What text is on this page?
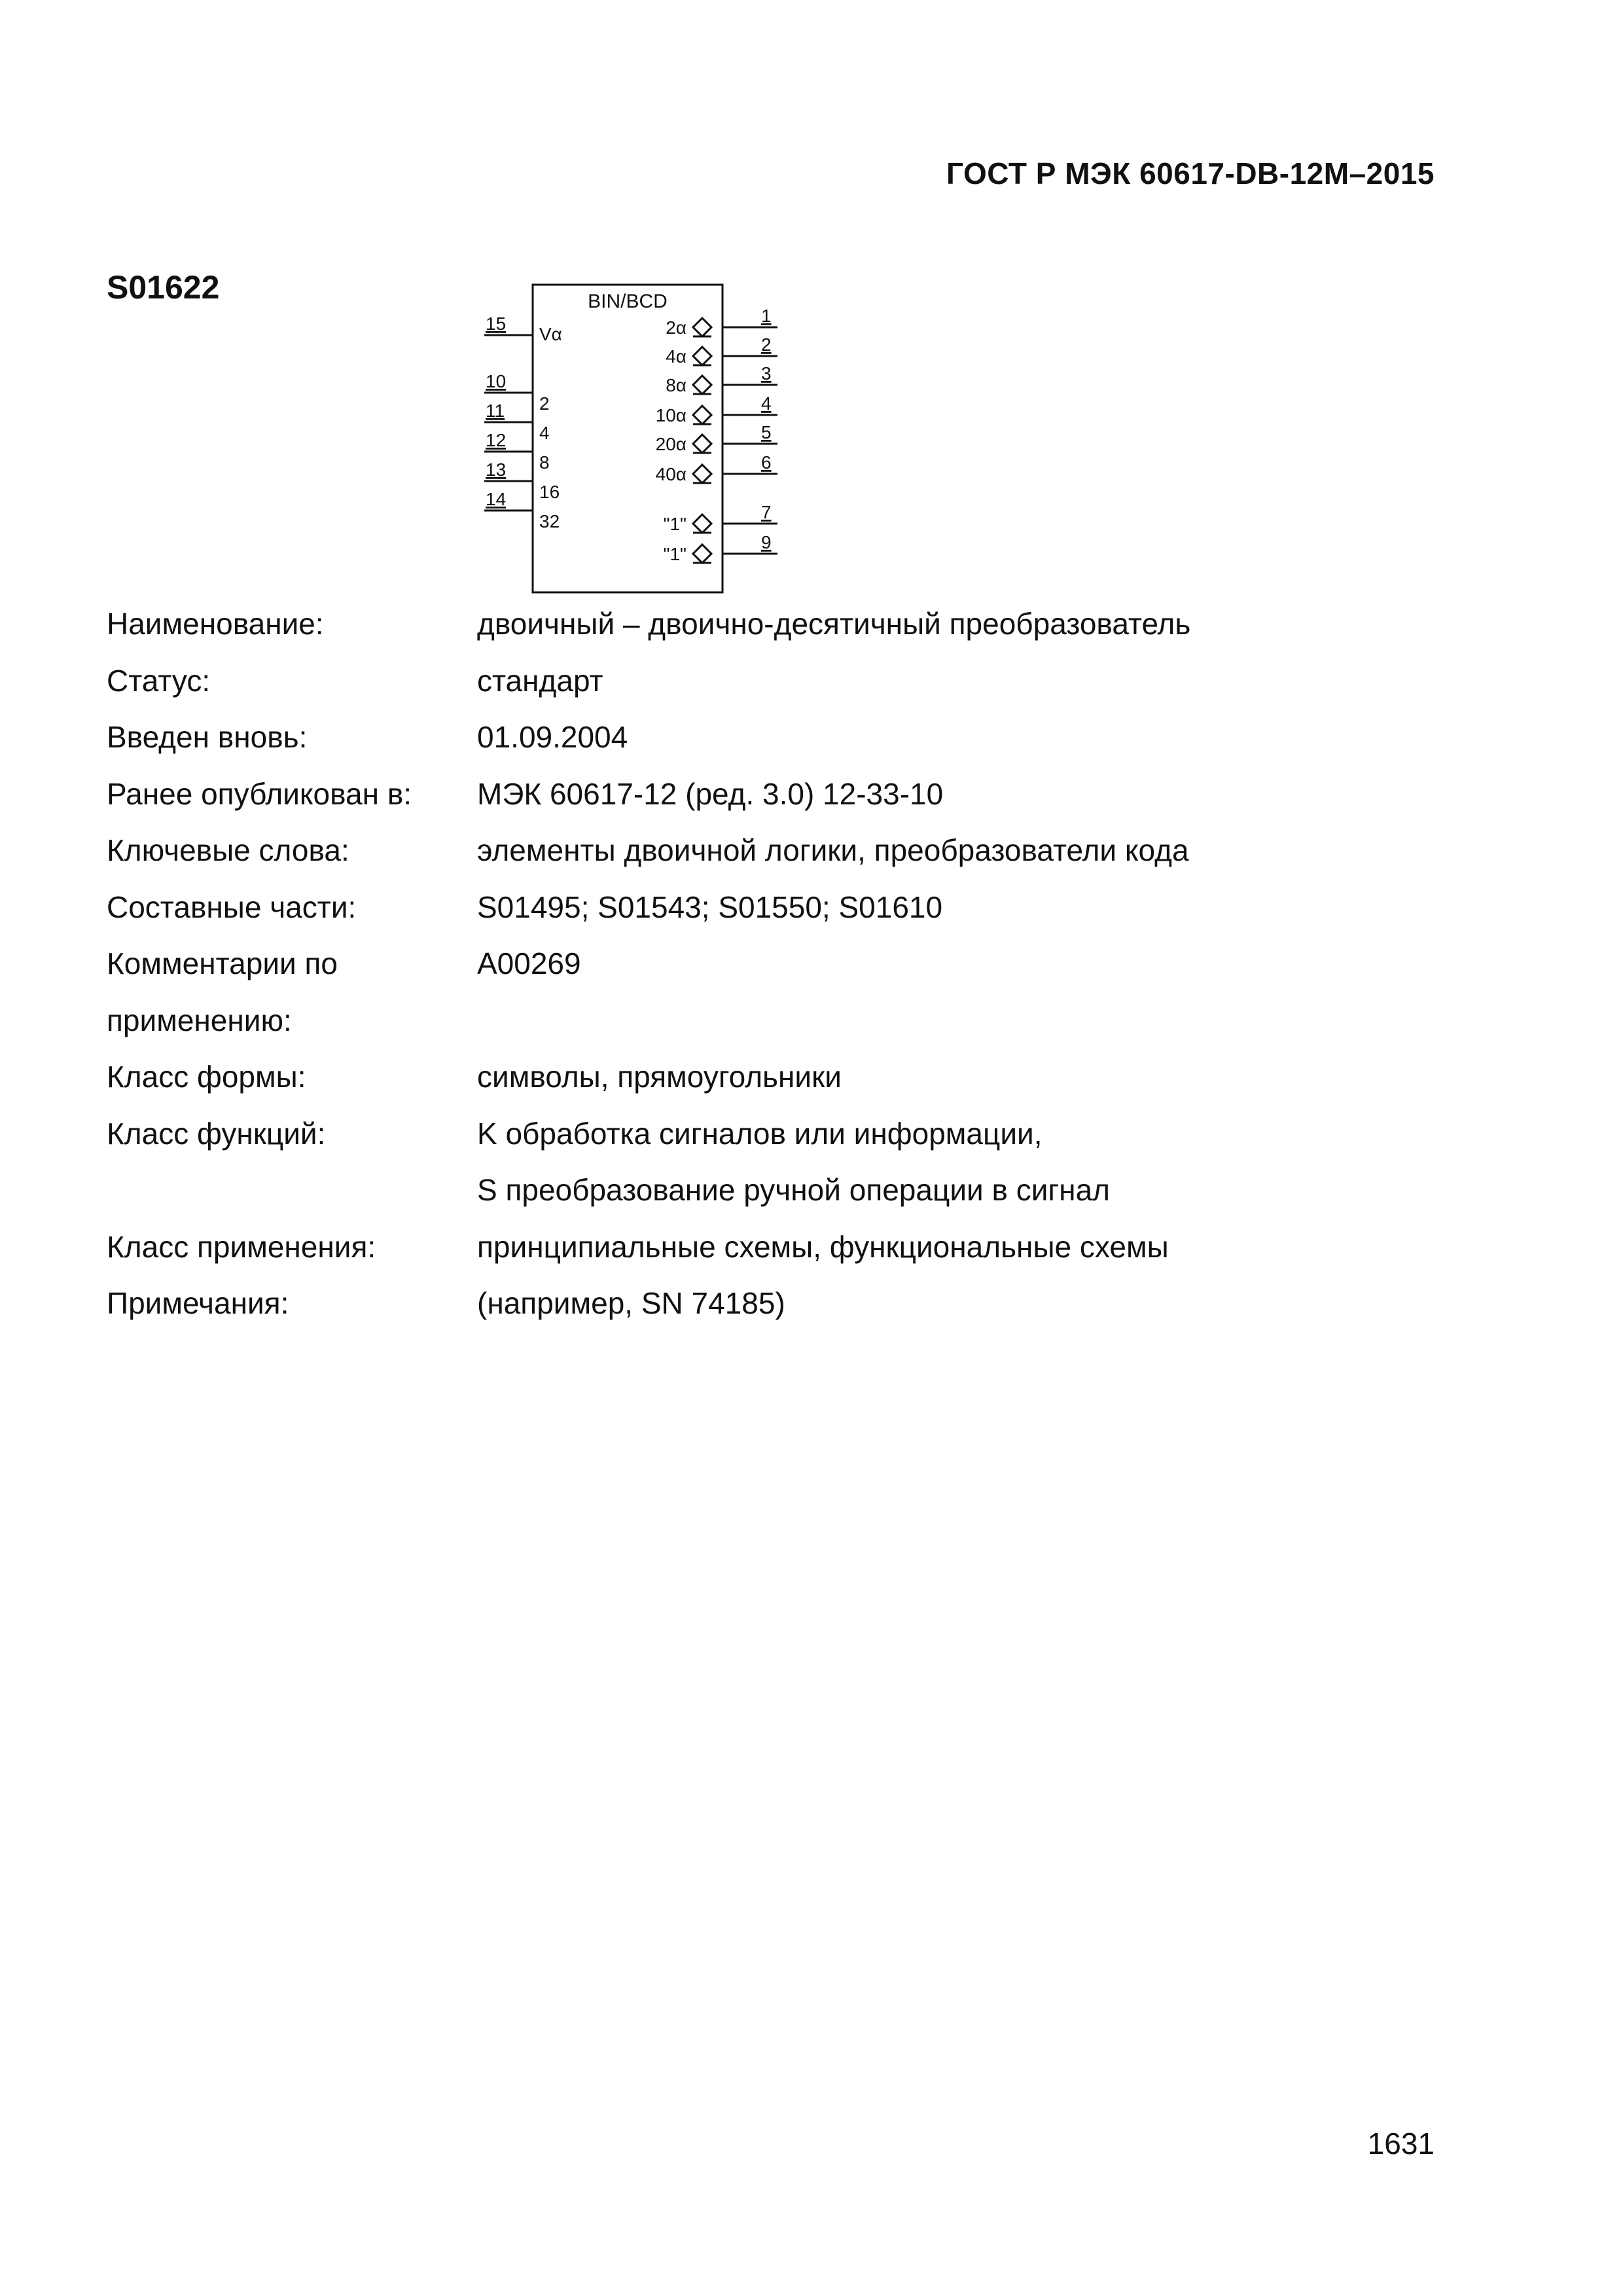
ГОСТ Р МЭК 60617-DB-12M–2015
S01622	BIN/BCD
Vα
15
10
2
11
4
12
8
13
16
14
32
2α
1
4α
2
8α
3
10α
4
20α
5
40α
6
"1"
7
"1"
9
Наименование:	двоичный – двоично-десятичный преобразователь
Статус:	стандарт
Введен вновь:	01.09.2004
Ранее опубликован в:	МЭК 60617-12 (ред. 3.0) 12-33-10
Ключевые слова:	элементы двоичной логики, преобразователи кода
Составные части:	S01495; S01543; S01550; S01610
Комментарии по	A00269
применению:
Класс формы:	символы, прямоугольники
Класс функций:	K обработка сигналов или информации,
S преобразование ручной операции в сигнал
Класс применения:	принципиальные схемы, функциональные схемы
Примечания:	(например, SN 74185)
1631
